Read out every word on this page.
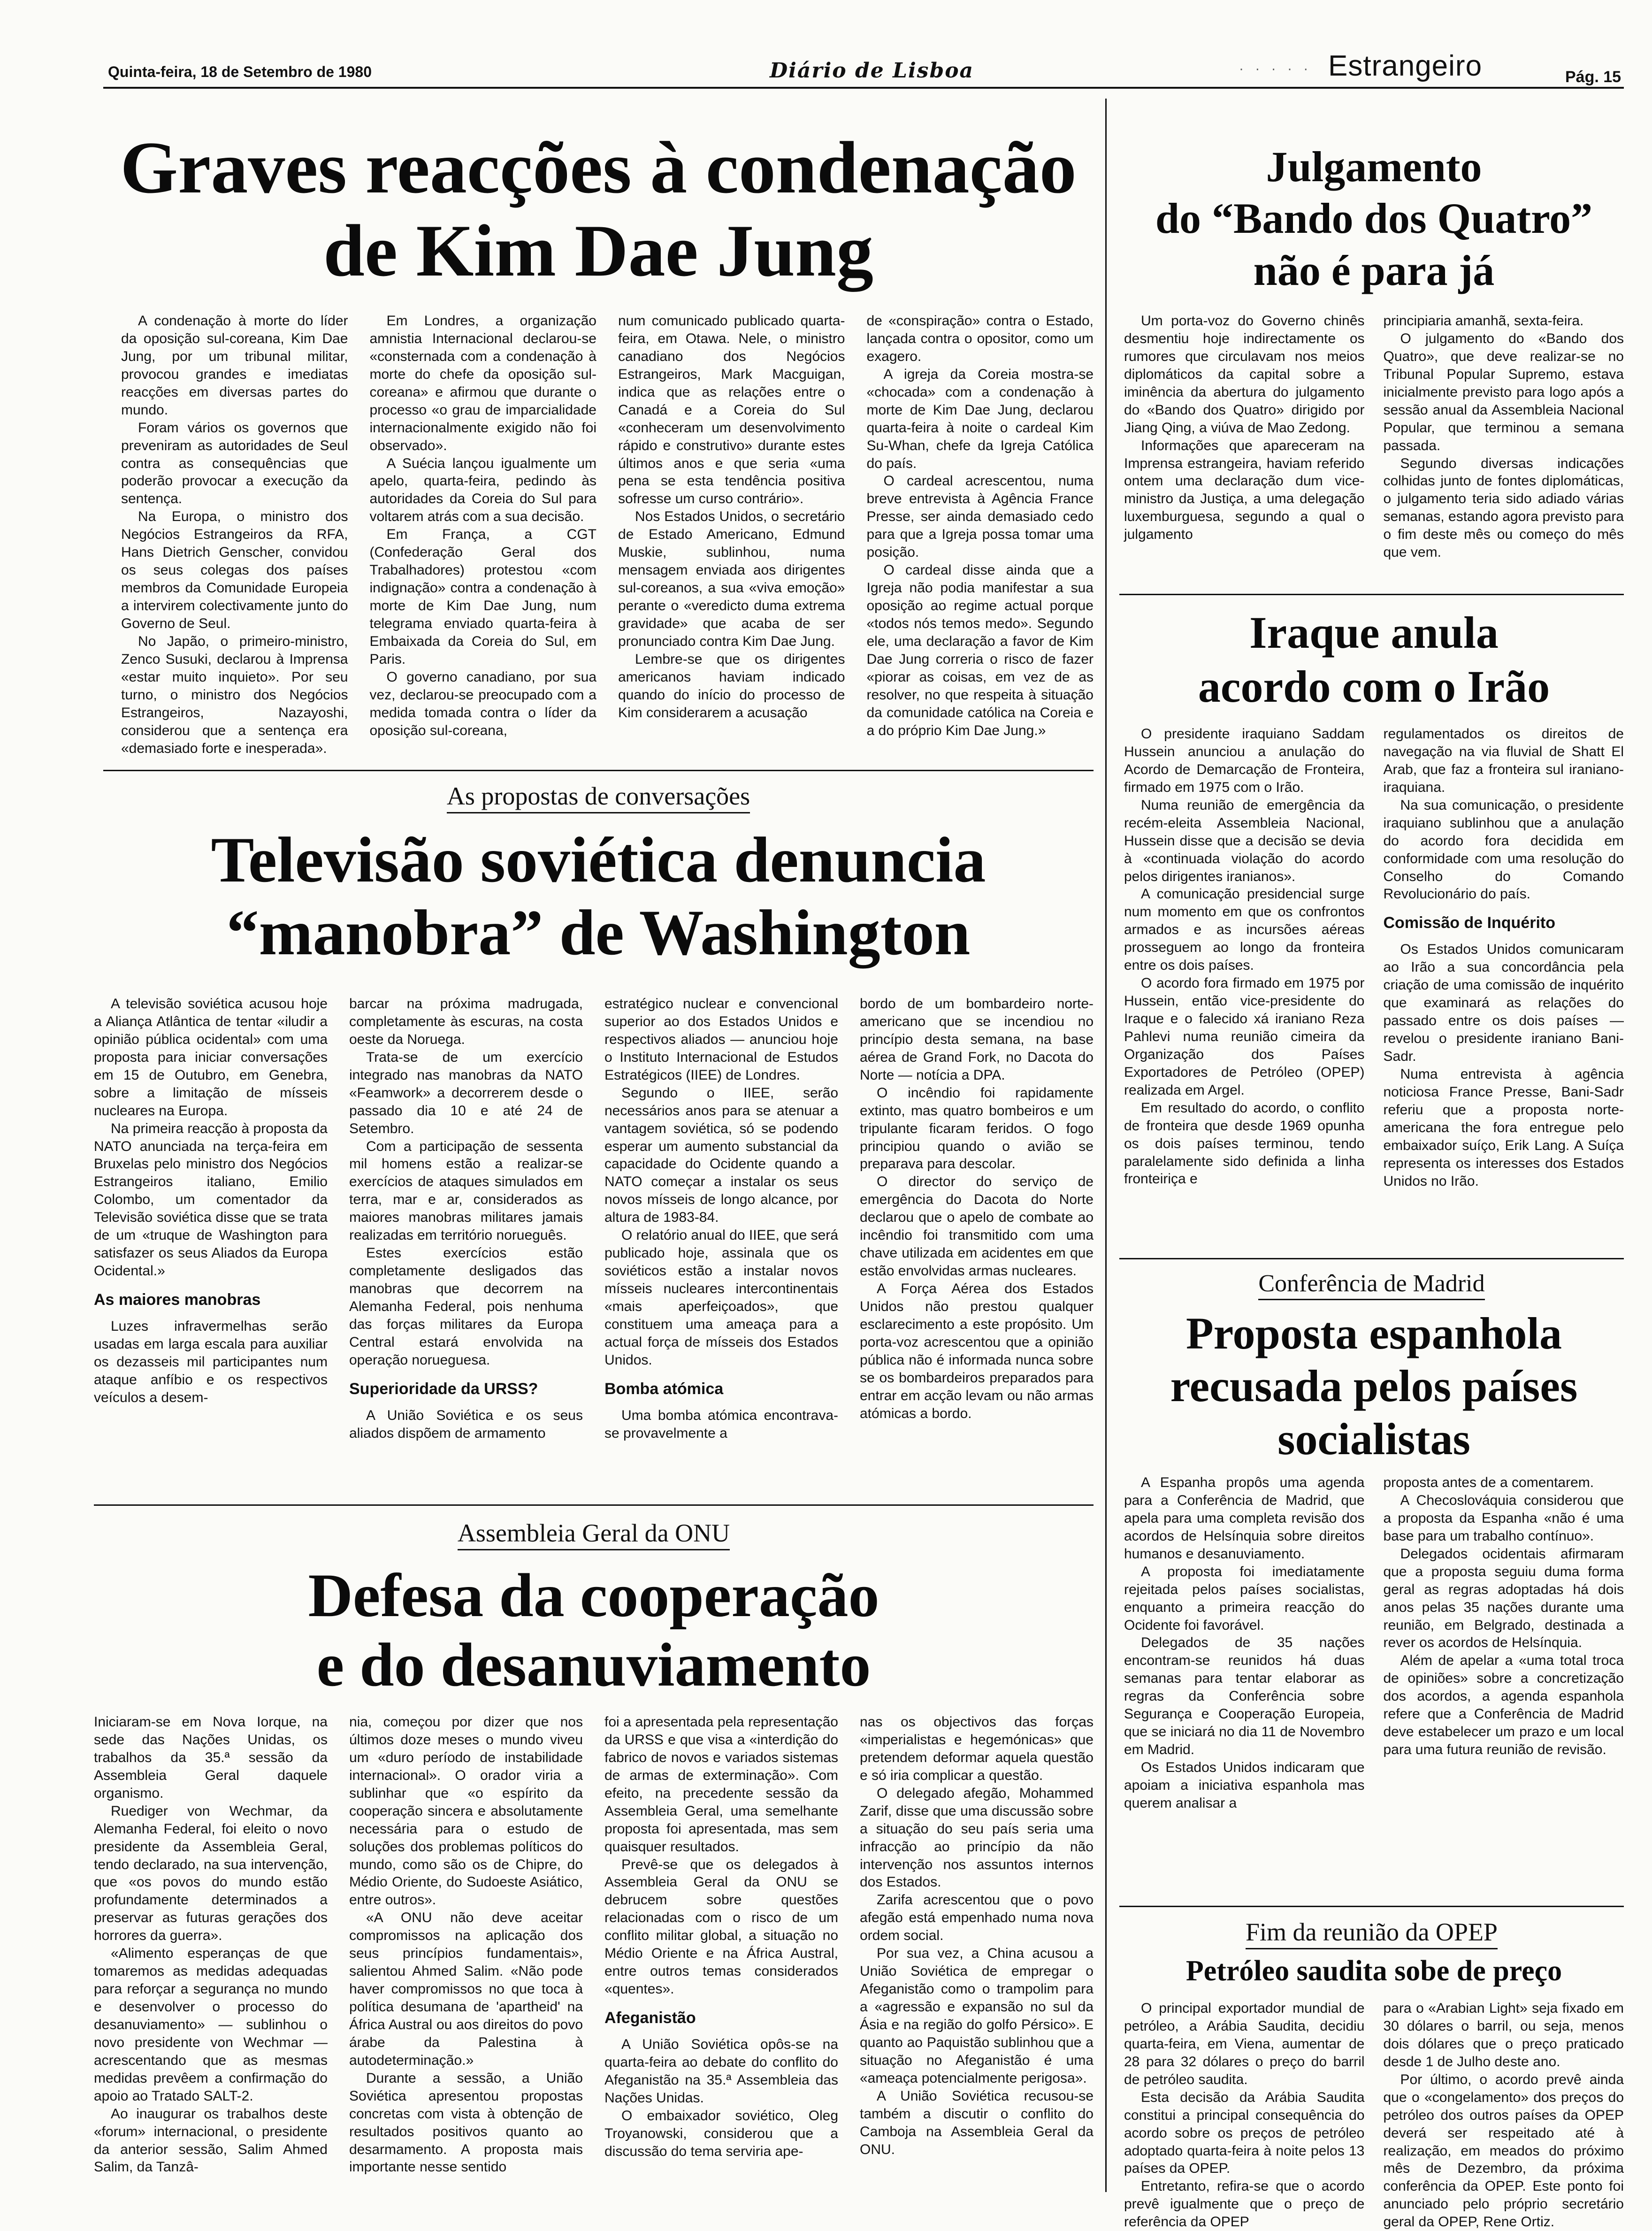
Quinta-feira, 18 de Setembro de 1980	Diário de Lisboa	· · · · · Estrangeiro	Pág. 15
Graves reacções à condenação
de Kim Dae Jung

A condenação à morte do líder da oposição sul-coreana, Kim Dae Jung, por um tribunal militar, provocou grandes e imediatas reacções em diversas partes do mundo.

Foram vários os governos que preveniram as autoridades de Seul contra as consequências que poderão provocar a execução da sentença.

Na Europa, o ministro dos Negócios Estrangeiros da RFA, Hans Dietrich Genscher, convidou os seus colegas dos países membros da Comunidade Europeia a intervirem colectivamente junto do Governo de Seul.

No Japão, o primeiro-ministro, Zenco Susuki, declarou à Imprensa «estar muito inquieto». Por seu turno, o ministro dos Negócios Estrangeiros, Nazayoshi, considerou que a sentença era «demasiado forte e inesperada».

Em Londres, a organização amnistia Internacional declarou-se «consternada com a condenação à morte do chefe da oposição sul-coreana» e afirmou que durante o processo «o grau de imparcialidade internacionalmente exigido não foi observado».

A Suécia lançou igualmente um apelo, quarta-feira, pedindo às autoridades da Coreia do Sul para voltarem atrás com a sua decisão.

Em França, a CGT (Confederação Geral dos Trabalhadores) protestou «com indignação» contra a condenação à morte de Kim Dae Jung, num telegrama enviado quarta-feira à Embaixada da Coreia do Sul, em Paris.

O governo canadiano, por sua vez, declarou-se preocupado com a medida tomada contra o líder da oposição sul-coreana,

num comunicado publicado quarta-feira, em Otawa. Nele, o ministro canadiano dos Negócios Estrangeiros, Mark Macguigan, indica que as relações entre o Canadá e a Coreia do Sul «conheceram um desenvolvimento rápido e construtivo» durante estes últimos anos e que seria «uma pena se esta tendência positiva sofresse um curso contrário».

Nos Estados Unidos, o secretário de Estado Americano, Edmund Muskie, sublinhou, numa mensagem enviada aos dirigentes sul-coreanos, a sua «viva emoção» perante o «veredicto duma extrema gravidade» que acaba de ser pronunciado contra Kim Dae Jung.

Lembre-se que os dirigentes americanos haviam indicado quando do início do processo de Kim considerarem a acusação

de «conspiração» contra o Estado, lançada contra o opositor, como um exagero.

A igreja da Coreia mostra-se «chocada» com a condenação à morte de Kim Dae Jung, declarou quarta-feira à noite o cardeal Kim Su-Whan, chefe da Igreja Católica do país.

O cardeal acrescentou, numa breve entrevista à Agência France Presse, ser ainda demasiado cedo para que a Igreja possa tomar uma posição.

O cardeal disse ainda que a Igreja não podia manifestar a sua oposição ao regime actual porque «todos nós temos medo». Segundo ele, uma declaração a favor de Kim Dae Jung correria o risco de fazer «piorar as coisas, em vez de as resolver, no que respeita à situação da comunidade católica na Coreia e a do próprio Kim Dae Jung.»

As propostas de conversações
Televisão soviética denuncia
“manobra” de Washington

A televisão soviética acusou hoje a Aliança Atlântica de tentar «iludir a opinião pública ocidental» com uma proposta para iniciar conversações em 15 de Outubro, em Genebra, sobre a limitação de mísseis nucleares na Europa.

Na primeira reacção à proposta da NATO anunciada na terça-feira em Bruxelas pelo ministro dos Negócios Estrangeiros italiano, Emilio Colombo, um comentador da Televisão soviética disse que se trata de um «truque de Washington para satisfazer os seus Aliados da Europa Ocidental.»

As maiores manobras

Luzes infravermelhas serão usadas em larga escala para auxiliar os dezasseis mil participantes num ataque anfíbio e os respectivos veículos a desem-

barcar na próxima madrugada, completamente às escuras, na costa oeste da Noruega.

Trata-se de um exercício integrado nas manobras da NATO «Feamwork» a decorrerem desde o passado dia 10 e até 24 de Setembro.

Com a participação de sessenta mil homens estão a realizar-se exercícios de ataques simulados em terra, mar e ar, considerados as maiores manobras militares jamais realizadas em território norueguês.

Estes exercícios estão completamente desligados das manobras que decorrem na Alemanha Federal, pois nenhuma das forças militares da Europa Central estará envolvida na operação norueguesa.

Superioridade da URSS?

A União Soviética e os seus aliados dispõem de armamento

estratégico nuclear e convencional superior ao dos Estados Unidos e respectivos aliados — anunciou hoje o Instituto Internacional de Estudos Estratégicos (IIEE) de Londres.

Segundo o IIEE, serão necessários anos para se atenuar a vantagem soviética, só se podendo esperar um aumento substancial da capacidade do Ocidente quando a NATO começar a instalar os seus novos mísseis de longo alcance, por altura de 1983-84.

O relatório anual do IIEE, que será publicado hoje, assinala que os soviéticos estão a instalar novos mísseis nucleares intercontinentais «mais aperfeiçoados», que constituem uma ameaça para a actual força de mísseis dos Estados Unidos.

Bomba atómica

Uma bomba atómica encontrava-se provavelmente a

bordo de um bombardeiro norte-americano que se incendiou no princípio desta semana, na base aérea de Grand Fork, no Dacota do Norte — notícia a DPA.

O incêndio foi rapidamente extinto, mas quatro bombeiros e um tripulante ficaram feridos. O fogo principiou quando o avião se preparava para descolar.

O director do serviço de emergência do Dacota do Norte declarou que o apelo de combate ao incêndio foi transmitido com uma chave utilizada em acidentes em que estão envolvidas armas nucleares.

A Força Aérea dos Estados Unidos não prestou qualquer esclarecimento a este propósito. Um porta-voz acrescentou que a opinião pública não é informada nunca sobre se os bombardeiros preparados para entrar em acção levam ou não armas atómicas a bordo.

Assembleia Geral da ONU
Defesa da cooperação
e do desanuviamento

Iniciaram-se em Nova Iorque, na sede das Nações Unidas, os trabalhos da 35.ª sessão da Assembleia Geral daquele organismo.

Ruediger von Wechmar, da Alemanha Federal, foi eleito o novo presidente da Assembleia Geral, tendo declarado, na sua intervenção, que «os povos do mundo estão profundamente determinados a preservar as futuras gerações dos horrores da guerra».

«Alimento esperanças de que tomaremos as medidas adequadas para reforçar a segurança no mundo e desenvolver o processo do desanuviamento» — sublinhou o novo presidente von Wechmar — acrescentando que as mesmas medidas prevêem a confirmação do apoio ao Tratado SALT-2.

Ao inaugurar os trabalhos deste «forum» internacional, o presidente da anterior sessão, Salim Ahmed Salim, da Tanzâ-

nia, começou por dizer que nos últimos doze meses o mundo viveu um «duro período de instabilidade internacional». O orador viria a sublinhar que «o espírito da cooperação sincera e absolutamente necessária para o estudo de soluções dos problemas políticos do mundo, como são os de Chipre, do Médio Oriente, do Sudoeste Asiático, entre outros».

«A ONU não deve aceitar compromissos na aplicação dos seus princípios fundamentais», salientou Ahmed Salim. «Não pode haver compromissos no que toca à política desumana de 'apartheid' na África Austral ou aos direitos do povo árabe da Palestina à autodeterminação.»

Durante a sessão, a União Soviética apresentou propostas concretas com vista à obtenção de resultados positivos quanto ao desarmamento. A proposta mais importante nesse sentido

foi a apresentada pela representação da URSS e que visa a «interdição do fabrico de novos e variados sistemas de armas de exterminação». Com efeito, na precedente sessão da Assembleia Geral, uma semelhante proposta foi apresentada, mas sem quaisquer resultados.

Prevê-se que os delegados à Assembleia Geral da ONU se debrucem sobre questões relacionadas com o risco de um conflito militar global, a situação no Médio Oriente e na África Austral, entre outros temas considerados «quentes».

Afeganistão

A União Soviética opôs-se na quarta-feira ao debate do conflito do Afeganistão na 35.ª Assembleia das Nações Unidas.

O embaixador soviético, Oleg Troyanowski, considerou que a discussão do tema serviria ape-

nas os objectivos das forças «imperialistas e hegemónicas» que pretendem deformar aquela questão e só iria complicar a questão.

O delegado afegão, Mohammed Zarif, disse que uma discussão sobre a situação do seu país seria uma infracção ao princípio da não intervenção nos assuntos internos dos Estados.

Zarifa acrescentou que o povo afegão está empenhado numa nova ordem social.

Por sua vez, a China acusou a União Soviética de empregar o Afeganistão como o trampolim para a «agressão e expansão no sul da Ásia e na região do golfo Pérsico». E quanto ao Paquistão sublinhou que a situação no Afeganistão é uma «ameaça potencialmente perigosa».

A União Soviética recusou-se também a discutir o conflito do Camboja na Assembleia Geral da ONU.

Julgamento
do “Bando dos Quatro”
não é para já

Um porta-voz do Governo chinês desmentiu hoje indirectamente os rumores que circulavam nos meios diplomáticos da capital sobre a iminência da abertura do julgamento do «Bando dos Quatro» dirigido por Jiang Qing, a viúva de Mao Zedong.

Informações que apareceram na Imprensa estrangeira, haviam referido ontem uma declaração dum vice-ministro da Justiça, a uma delegação luxemburguesa, segundo a qual o julgamento

principiaria amanhã, sexta-feira.

O julgamento do «Bando dos Quatro», que deve realizar-se no Tribunal Popular Supremo, estava inicialmente previsto para logo após a sessão anual da Assembleia Nacional Popular, que terminou a semana passada.

Segundo diversas indicações colhidas junto de fontes diplomáticas, o julgamento teria sido adiado várias semanas, estando agora previsto para o fim deste mês ou começo do mês que vem.

Iraque anula
acordo com o Irão

O presidente iraquiano Saddam Hussein anunciou a anulação do Acordo de Demarcação de Fronteira, firmado em 1975 com o Irão.

Numa reunião de emergência da recém-eleita Assembleia Nacional, Hussein disse que a decisão se devia à «continuada violação do acordo pelos dirigentes iranianos».

A comunicação presidencial surge num momento em que os confrontos armados e as incursões aéreas prosseguem ao longo da fronteira entre os dois países.

O acordo fora firmado em 1975 por Hussein, então vice-presidente do Iraque e o falecido xá iraniano Reza Pahlevi numa reunião cimeira da Organização dos Países Exportadores de Petróleo (OPEP) realizada em Argel.

Em resultado do acordo, o conflito de fronteira que desde 1969 opunha os dois países terminou, tendo paralelamente sido definida a linha fronteiriça e

regulamentados os direitos de navegação na via fluvial de Shatt El Arab, que faz a fronteira sul iraniano-iraquiana.

Na sua comunicação, o presidente iraquiano sublinhou que a anulação do acordo fora decidida em conformidade com uma resolução do Conselho do Comando Revolucionário do país.

Comissão de Inquérito

Os Estados Unidos comunicaram ao Irão a sua concordância pela criação de uma comissão de inquérito que examinará as relações do passado entre os dois países — revelou o presidente iraniano Bani-Sadr.

Numa entrevista à agência noticiosa France Presse, Bani-Sadr referiu que a proposta norte-americana the fora entregue pelo embaixador suíço, Erik Lang. A Suíça representa os interesses dos Estados Unidos no Irão.

Conferência de Madrid
Proposta espanhola
recusada pelos países
socialistas

A Espanha propôs uma agenda para a Conferência de Madrid, que apela para uma completa revisão dos acordos de Helsínquia sobre direitos humanos e desanuviamento.

A proposta foi imediatamente rejeitada pelos países socialistas, enquanto a primeira reacção do Ocidente foi favorável.

Delegados de 35 nações encontram-se reunidos há duas semanas para tentar elaborar as regras da Conferência sobre Segurança e Cooperação Europeia, que se iniciará no dia 11 de Novembro em Madrid.

Os Estados Unidos indicaram que apoiam a iniciativa espanhola mas querem analisar a

proposta antes de a comentarem.

A Checoslováquia considerou que a proposta da Espanha «não é uma base para um trabalho contínuo».

Delegados ocidentais afirmaram que a proposta seguiu duma forma geral as regras adoptadas há dois anos pelas 35 nações durante uma reunião, em Belgrado, destinada a rever os acordos de Helsínquia.

Além de apelar a «uma total troca de opiniões» sobre a concretização dos acordos, a agenda espanhola refere que a Conferência de Madrid deve estabelecer um prazo e um local para uma futura reunião de revisão.

Fim da reunião da OPEP
Petróleo saudita sobe de preço

O principal exportador mundial de petróleo, a Arábia Saudita, decidiu quarta-feira, em Viena, aumentar de 28 para 32 dólares o preço do barril de petróleo saudita.

Esta decisão da Arábia Saudita constitui a principal consequência do acordo sobre os preços de petróleo adoptado quarta-feira à noite pelos 13 países da OPEP.

Entretanto, refira-se que o acordo prevê igualmente que o preço de referência da OPEP

para o «Arabian Light» seja fixado em 30 dólares o barril, ou seja, menos dois dólares que o preço praticado desde 1 de Julho deste ano.

Por último, o acordo prevê ainda que o «congelamento» dos preços do petróleo dos outros países da OPEP deverá ser respeitado até à realização, em meados do próximo mês de Dezembro, da próxima conferência da OPEP. Este ponto foi anunciado pelo próprio secretário geral da OPEP, Rene Ortiz.
